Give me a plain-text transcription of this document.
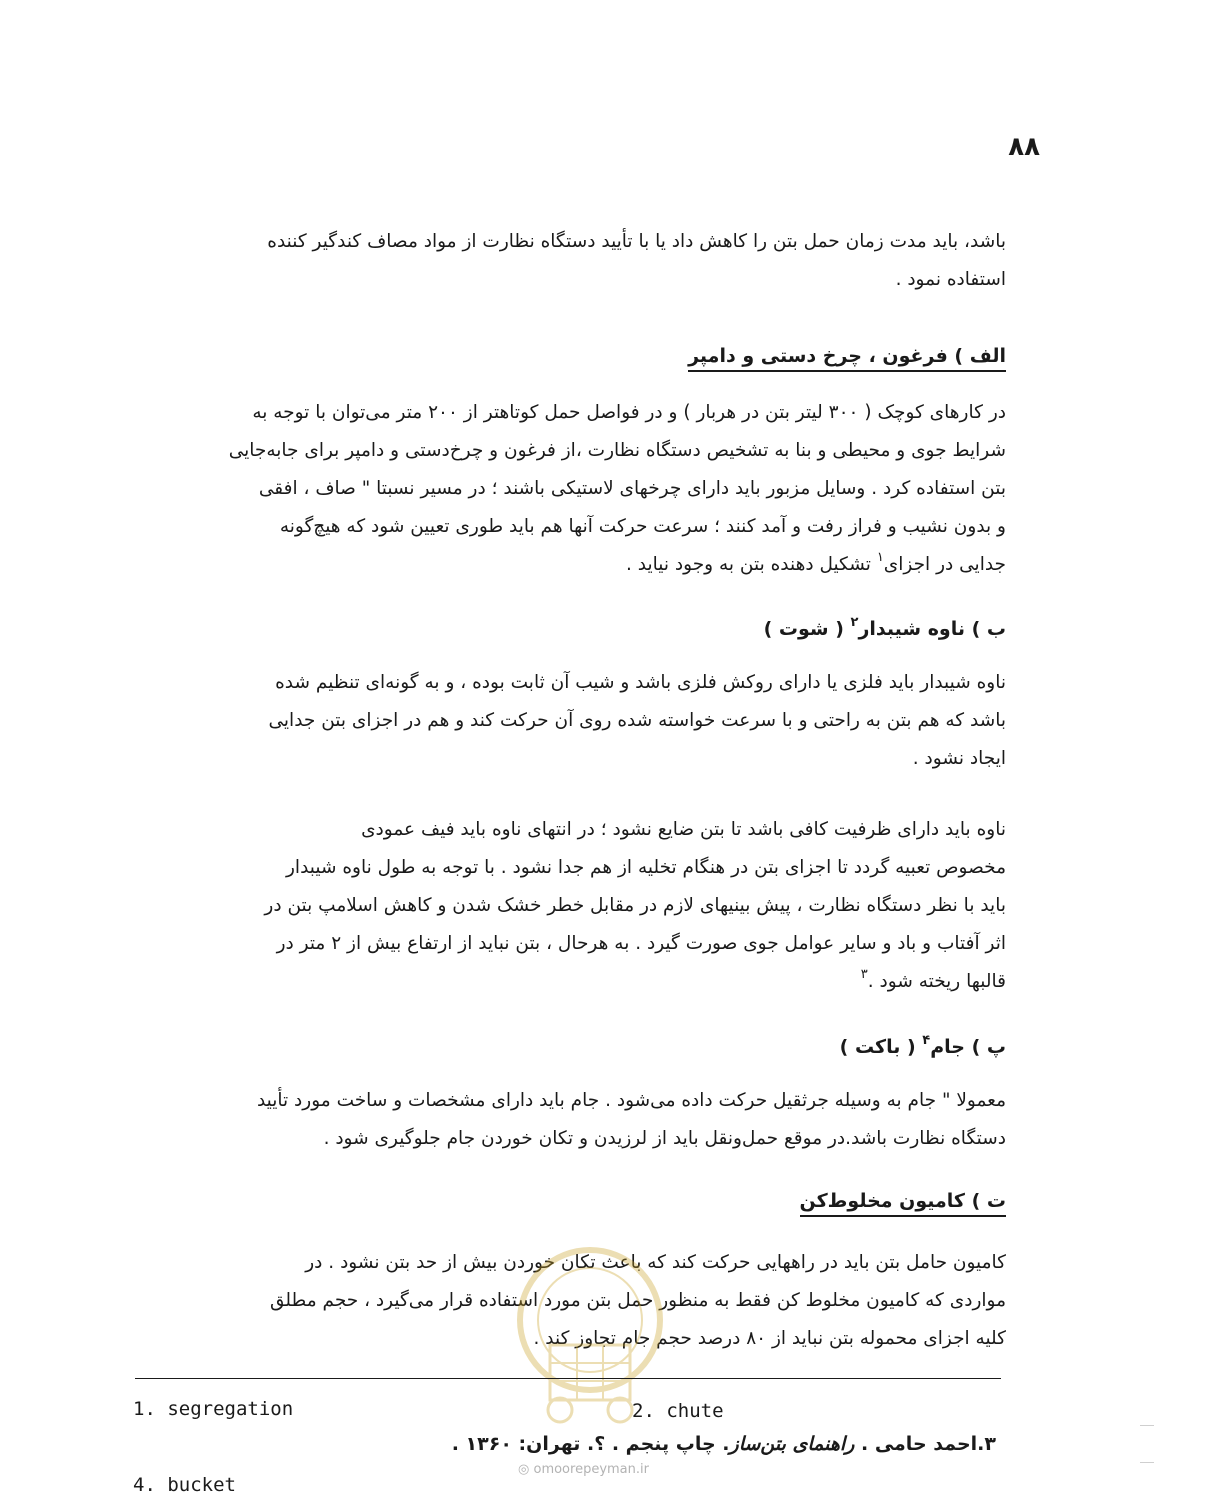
۸۸

باشد، باید مدت زمان حمل بتن را کاهش داد یا با تأیید دستگاه نظارت از مواد مصاف کندگیر کننده

استفاده نمود .

الف ) فرغون ، چرخ دستی و دامپر

در کارهای کوچک ( ۳۰۰ لیتر بتن در هربار ) و در فواصل حمل کوتاهتر از ۲۰۰ متر می‌توان با توجه به

شرایط جوی و محیطی و بنا به تشخیص دستگاه نظارت ،از فرغون و چرخ‌دستی و دامپر برای جابه‌جایی

بتن استفاده کرد . وسایل مزبور باید دارای چرخهای لاستیکی باشند ؛ در مسیر نسبتا " صاف ، افقی

و بدون نشیب و فراز رفت و آمد کنند ؛ سرعت حرکت آنها هم باید طوری تعیین شود که هیچ‌گونه

جدایی در اجزای$^۱$ تشکیل دهنده بتن به وجود نیاید .

ب ) ناوه شیبدار$^۲$ ( شوت )

ناوه شیبدار باید فلزی یا دارای روکش فلزی باشد و شیب آن ثابت بوده ، و به گونه‌ای تنظیم شده

باشد که هم بتن به راحتی و با سرعت خواسته شده روی آن حرکت کند و هم در اجزای بتن جدایی

ایجاد نشود .

ناوه باید دارای ظرفیت کافی باشد تا بتن ضایع نشود ؛ در انتهای ناوه باید فیف عمودی

مخصوص تعبیه گردد تا اجزای بتن در هنگام تخلیه از هم جدا نشود . با توجه به طول ناوه شیبدار

باید با نظر دستگاه نظارت ، پیش بینیهای لازم در مقابل خطر خشک شدن و کاهش اسلامپ بتن در

اثر آفتاب و باد و سایر عوامل جوی صورت گیرد . به هرحال ، بتن نباید از ارتفاع بیش از ۲ متر در

قالبها ریخته شود .$^۳$

پ ) جام$^۴$ ( باکت )

معمولا " جام به وسیله جرثقیل حرکت داده می‌شود . جام باید دارای مشخصات و ساخت مورد تأیید

دستگاه نظارت باشد.در موقع حمل‌ونقل باید از لرزیدن و تکان خوردن جام جلوگیری شود .

ت ) کامیون مخلوط‌کن

کامیون حامل بتن باید در راههایی حرکت کند که باعث تکان خوردن بیش از حد بتن نشود . در

مواردی که کامیون مخلوط کن فقط به منظور حمل بتن مورد استفاده قرار می‌گیرد ، حجم مطلق

کلیه اجزای محموله بتن نباید از ۸۰ درصد حجم جام تجاوز کند .

1. segregation	2. chute
۳.احمد حامی . راهنمای بتن‌ساز. چاپ پنجم . ؟. تهران: ۱۳۶۰ .
4. bucket
◎ omoorepeyman.ir
